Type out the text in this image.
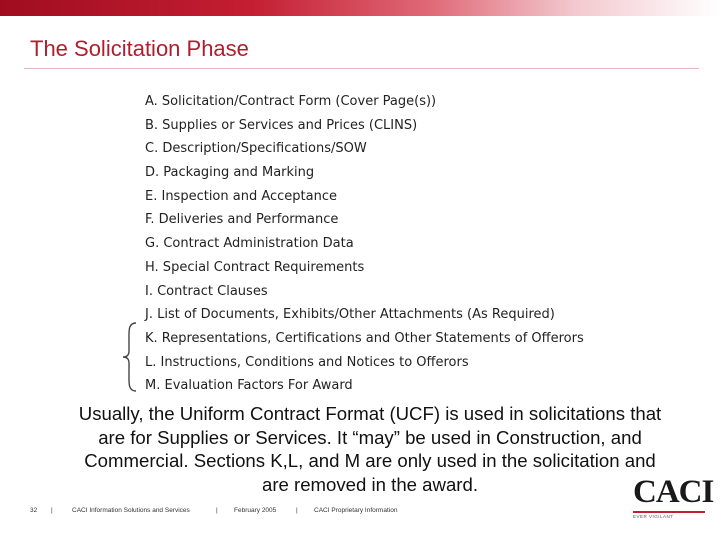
The Solicitation Phase
A. Solicitation/Contract Form (Cover Page(s))
B. Supplies or Services and Prices (CLINS)
C. Description/Specifications/SOW
D. Packaging and Marking
E. Inspection and Acceptance
F. Deliveries and Performance
G. Contract Administration Data
H. Special Contract Requirements
I. Contract Clauses
J. List of Documents, Exhibits/Other Attachments (As Required)
K. Representations, Certifications and Other Statements of Offerors
L. Instructions, Conditions and Notices to Offerors
M. Evaluation Factors For Award

Usually, the Uniform Contract Format (UCF) is used in solicitations that are for Supplies or Services. It “may” be used in Construction, and Commercial. Sections K,L, and M are only used in the solicitation and are removed in the award.

32 |	CACI Information Solutions and Services	|	February 2005	|	CACI Proprietary Information
CACI
EVER VIGILANT
